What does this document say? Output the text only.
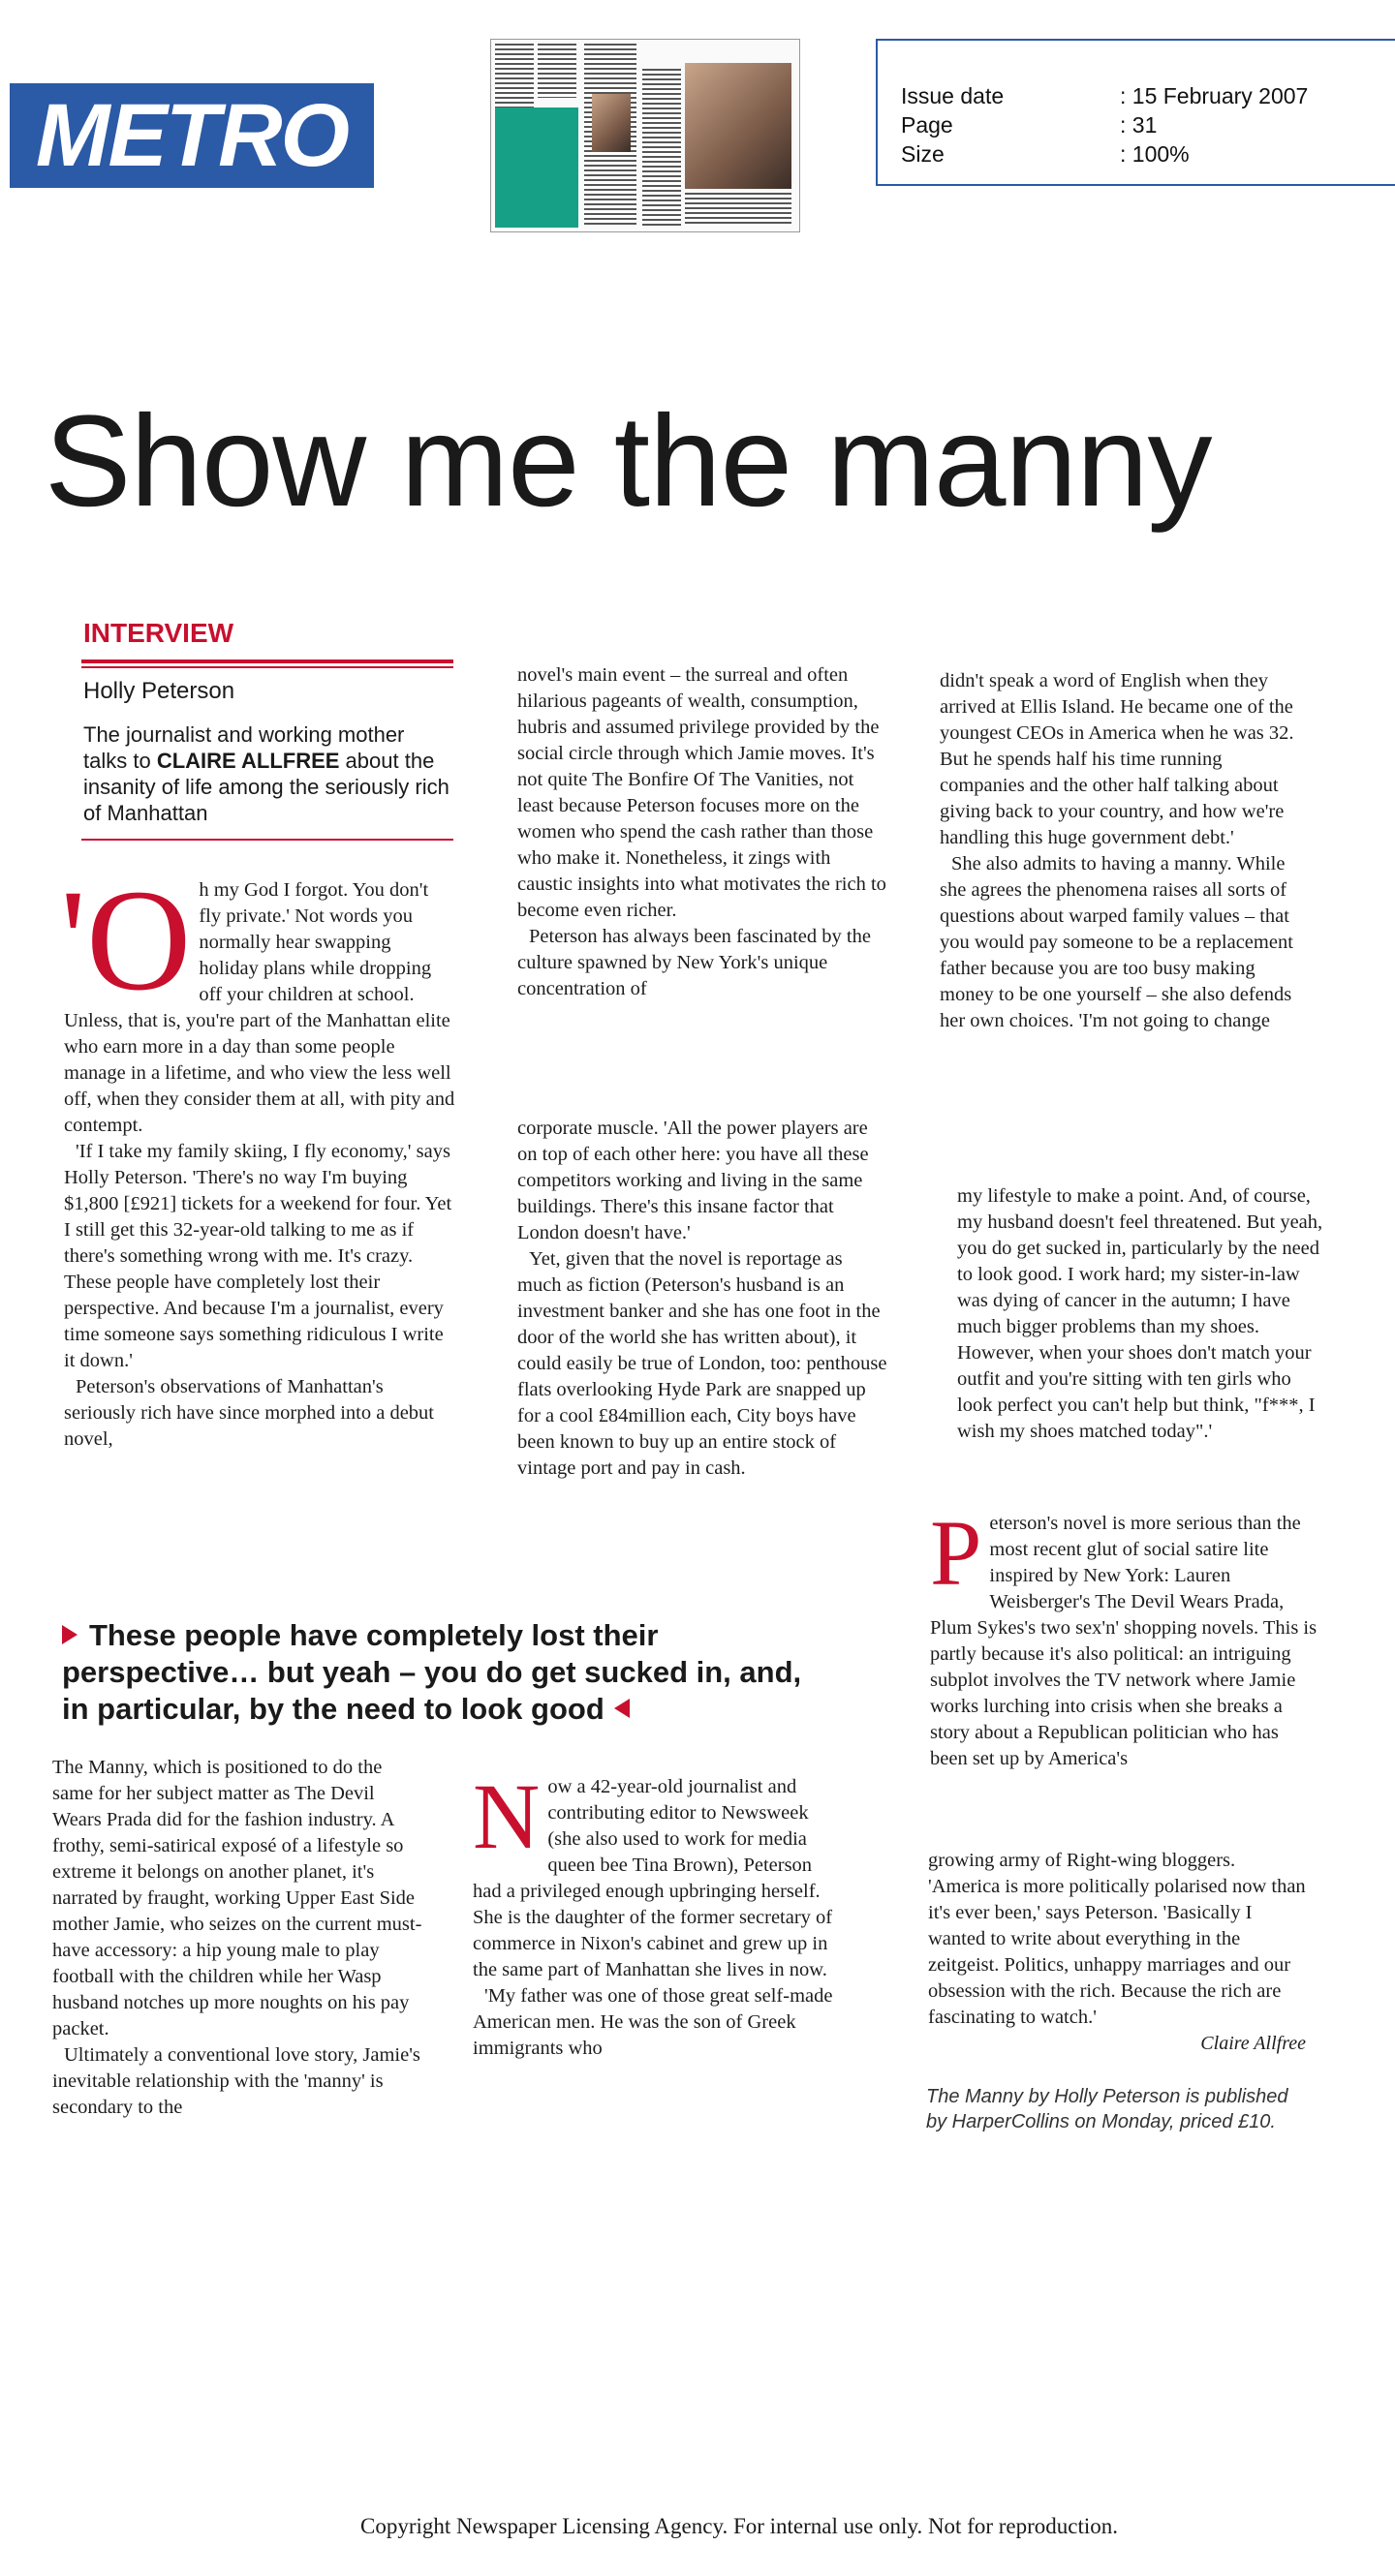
METRO	Issue date	: 15 February 2007
Page	: 31
Size	: 100%
Show me the manny
INTERVIEW
Holly Peterson
The journalist and working mother talks to CLAIRE ALLFREE about the insanity of life among the seriously rich of Manhattan

'Oh my God I forgot. You don't fly private.' Not words you normally hear swapping holiday plans while dropping off your children at school. Unless, that is, you're part of the Manhattan elite who earn more in a day than some people manage in a lifetime, and who view the less well off, when they consider them at all, with pity and contempt.

'If I take my family skiing, I fly economy,' says Holly Peterson. 'There's no way I'm buying $1,800 [£921] tickets for a weekend for four. Yet I still get this 32-year-old talking to me as if there's something wrong with me. It's crazy. These people have completely lost their perspective. And because I'm a journalist, every time someone says something ridiculous I write it down.'

Peterson's observations of Manhattan's seriously rich have since morphed into a debut novel,

novel's main event – the surreal and often hilarious pageants of wealth, consumption, hubris and assumed privilege provided by the social circle through which Jamie moves. It's not quite The Bonfire Of The Vanities, not least because Peterson focuses more on the women who spend the cash rather than those who make it. Nonetheless, it zings with caustic insights into what motivates the rich to become even richer.

Peterson has always been fascinated by the culture spawned by New York's unique concentration of

corporate muscle. 'All the power players are on top of each other here: you have all these competitors working and living in the same buildings. There's this insane factor that London doesn't have.'

Yet, given that the novel is reportage as much as fiction (Peterson's husband is an investment banker and she has one foot in the door of the world she has written about), it could easily be true of London, too: penthouse flats overlooking Hyde Park are snapped up for a cool £84million each, City boys have been known to buy up an entire stock of vintage port and pay in cash.

didn't speak a word of English when they arrived at Ellis Island. He became one of the youngest CEOs in America when he was 32. But he spends half his time running companies and the other half talking about giving back to your country, and how we're handling this huge government debt.'

She also admits to having a manny. While she agrees the phenomena raises all sorts of questions about warped family values – that you would pay someone to be a replacement father because you are too busy making money to be one yourself – she also defends her own choices. 'I'm not going to change

my lifestyle to make a point. And, of course, my husband doesn't feel threatened. But yeah, you do get sucked in, particularly by the need to look good. I work hard; my sister-in-law was dying of cancer in the autumn; I have much bigger problems than my shoes. However, when your shoes don't match your outfit and you're sitting with ten girls who look perfect you can't help but think, "f***, I wish my shoes matched today".'

Peterson's novel is more serious than the most recent glut of social satire lite inspired by New York: Lauren Weisberger's The Devil Wears Prada, Plum Sykes's two sex'n' shopping novels. This is partly because it's also political: an intriguing subplot involves the TV network where Jamie works lurching into crisis when she breaks a story about a Republican politician who has been set up by America's

These people have completely lost their perspective… but yeah – you do get sucked in, and, in particular, by the need to look good

The Manny, which is positioned to do the same for her subject matter as The Devil Wears Prada did for the fashion industry. A frothy, semi-satirical exposé of a lifestyle so extreme it belongs on another planet, it's narrated by fraught, working Upper East Side mother Jamie, who seizes on the current must-have accessory: a hip young male to play football with the children while her Wasp husband notches up more noughts on his pay packet.

Ultimately a conventional love story, Jamie's inevitable relationship with the 'manny' is secondary to the

Now a 42-year-old journalist and contributing editor to Newsweek (she also used to work for media queen bee Tina Brown), Peterson had a privileged enough upbringing herself. She is the daughter of the former secretary of commerce in Nixon's cabinet and grew up in the same part of Manhattan she lives in now.

'My father was one of those great self-made American men. He was the son of Greek immigrants who

growing army of Right-wing bloggers. 'America is more politically polarised now than it's ever been,' says Peterson. 'Basically I wanted to write about everything in the zeitgeist. Politics, unhappy marriages and our obsession with the rich. Because the rich are fascinating to watch.'

Claire Allfree
The Manny by Holly Peterson is published by HarperCollins on Monday, priced £10.
Copyright Newspaper Licensing Agency. For internal use only. Not for reproduction.
